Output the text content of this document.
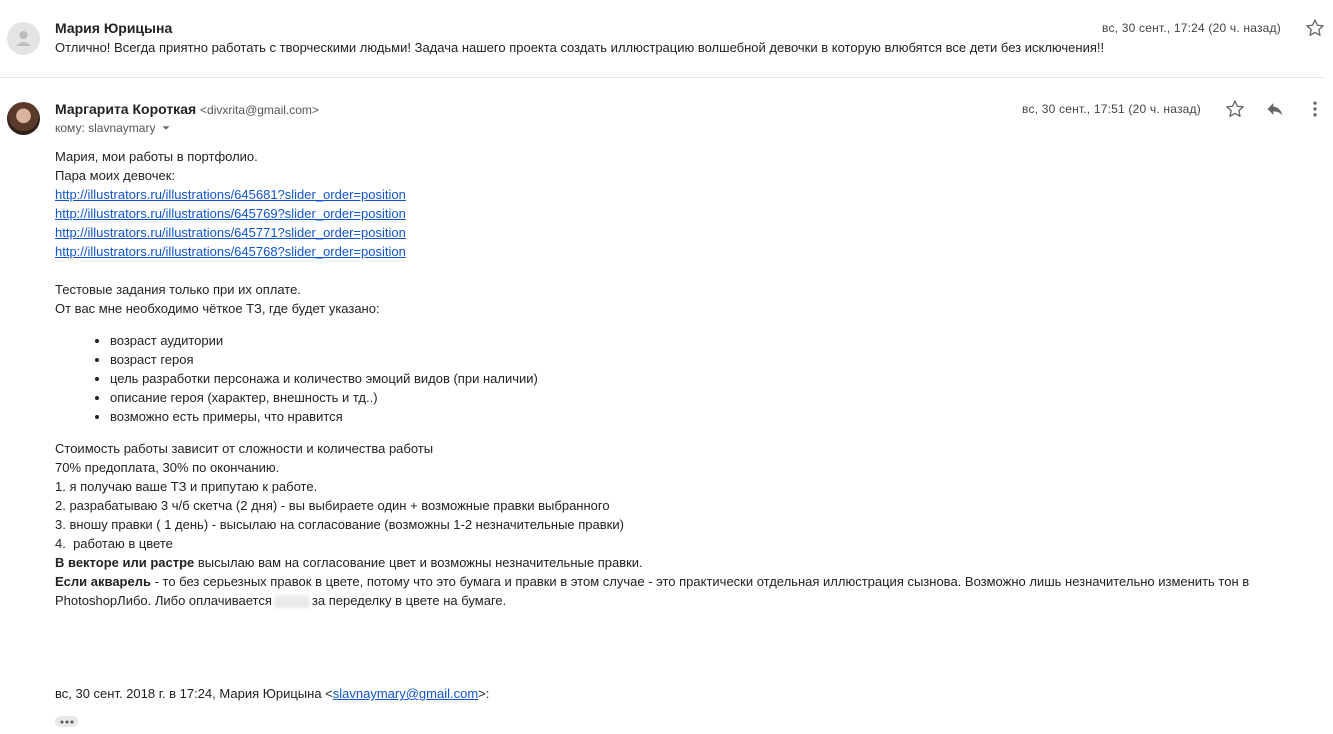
Мария Юрицына	вс, 30 сент., 17:24 (20 ч. назад)
Отлично! Всегда приятно работать с творческими людьми! Задача нашего проекта создать иллюстрацию волшебной девочки в которую влюбятся все дети без исключения!!
Маргарита Короткая <divxrita@gmail.com>	вс, 30 сент., 17:51 (20 ч. назад)
кому: slavnaymary

Мария, мои работы в портфолио.

Пара моих девочек:

http://illustrators.ru/illustrations/645681?slider_order=position

http://illustrators.ru/illustrations/645769?slider_order=position

http://illustrators.ru/illustrations/645771?slider_order=position

http://illustrators.ru/illustrations/645768?slider_order=position

Тестовые задания только при их оплате.

От вас мне необходимо чёткое ТЗ, где будет указано:

• возраст аудитории
• возраст героя
• цель разработки персонажа и количество эмоций видов (при наличии)
• описание героя (характер, внешность и тд..)
• возможно есть примеры, что нравится

Стоимость работы зависит от сложности и количества работы

70% предоплата, 30% по окончанию.

1. я получаю ваше ТЗ и припутаю к работе.

2. разрабатываю 3 ч/б скетча (2 дня) - вы выбираете один + возможные правки выбранного

3. вношу правки ( 1 день) - высылаю на согласование (возможны 1-2 незначительные правки)

4.  работаю в цвете

В векторе или растре высылаю вам на согласование цвет и возможны незначительные правки.

Если акварель - то без серьезных правок в цвете, потому что это бумага и правки в этом случае - это практически отдельная иллюстрация сызнова. Возможно лишь незначительно изменить тон в PhotoshopЛибо. Либо оплачивается	за переделку в цвете на бумаге.

вс, 30 сент. 2018 г. в 17:24, Мария Юрицына <slavnaymary@gmail.com>:
